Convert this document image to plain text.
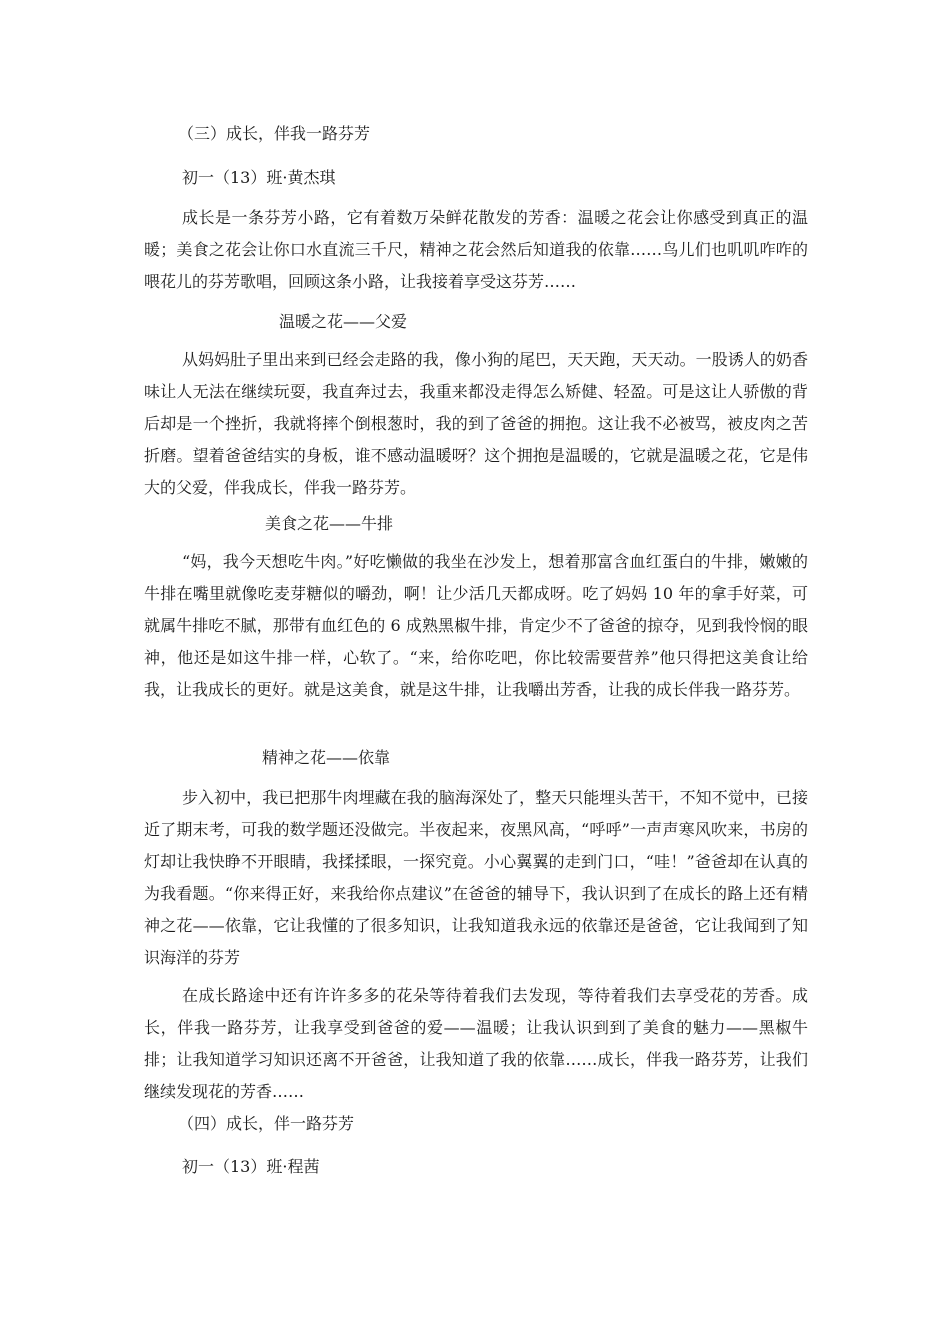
（三）成长，伴我一路芬芳
初一（13）班·黄杰琪

成长是一条芬芳小路，它有着数万朵鲜花散发的芳香：温暖之花会让你感受到真正的温暖；美食之花会让你口水直流三千尺，精神之花会然后知道我的依靠……鸟儿们也叽叽咋咋的喂花儿的芬芳歌唱，回顾这条小路，让我接着享受这芬芳……

温暖之花——父爱

从妈妈肚子里出来到已经会走路的我，像小狗的尾巴，天天跑，天天动。一股诱人的奶香味让人无法在继续玩耍，我直奔过去，我重来都没走得怎么矫健、轻盈。可是这让人骄傲的背后却是一个挫折，我就将摔个倒根葱时，我的到了爸爸的拥抱。这让我不必被骂，被皮肉之苦折磨。望着爸爸结实的身板，谁不感动温暖呀？这个拥抱是温暖的，它就是温暖之花，它是伟大的父爱，伴我成长，伴我一路芬芳。

美食之花——牛排

“妈，我今天想吃牛肉。”好吃懒做的我坐在沙发上，想着那富含血红蛋白的牛排，嫩嫩的牛排在嘴里就像吃麦芽糖似的嚼劲，啊！让少活几天都成呀。吃了妈妈 10 年的拿手好菜，可就属牛排吃不腻，那带有血红色的 6 成熟黑椒牛排，肯定少不了爸爸的掠夺，见到我怜悯的眼神，他还是如这牛排一样，心软了。“来，给你吃吧，你比较需要营养”他只得把这美食让给我，让我成长的更好。就是这美食，就是这牛排，让我嚼出芳香，让我的成长伴我一路芬芳。

精神之花——依靠

步入初中，我已把那牛肉埋藏在我的脑海深处了，整天只能埋头苦干，不知不觉中，已接近了期末考，可我的数学题还没做完。半夜起来，夜黑风高，“呼呼”一声声寒风吹来，书房的灯却让我快睁不开眼睛，我揉揉眼，一探究竟。小心翼翼的走到门口，“哇！”爸爸却在认真的为我看题。“你来得正好，来我给你点建议”在爸爸的辅导下，我认识到了在成长的路上还有精神之花——依靠，它让我懂的了很多知识，让我知道我永远的依靠还是爸爸，它让我闻到了知识海洋的芬芳

在成长路途中还有许许多多的花朵等待着我们去发现，等待着我们去享受花的芳香。成长，伴我一路芬芳，让我享受到爸爸的爱——温暖；让我认识到到了美食的魅力——黑椒牛排；让我知道学习知识还离不开爸爸，让我知道了我的依靠……成长，伴我一路芬芳，让我们继续发现花的芳香……

（四）成长，伴一路芬芳
初一（13）班·程茜
